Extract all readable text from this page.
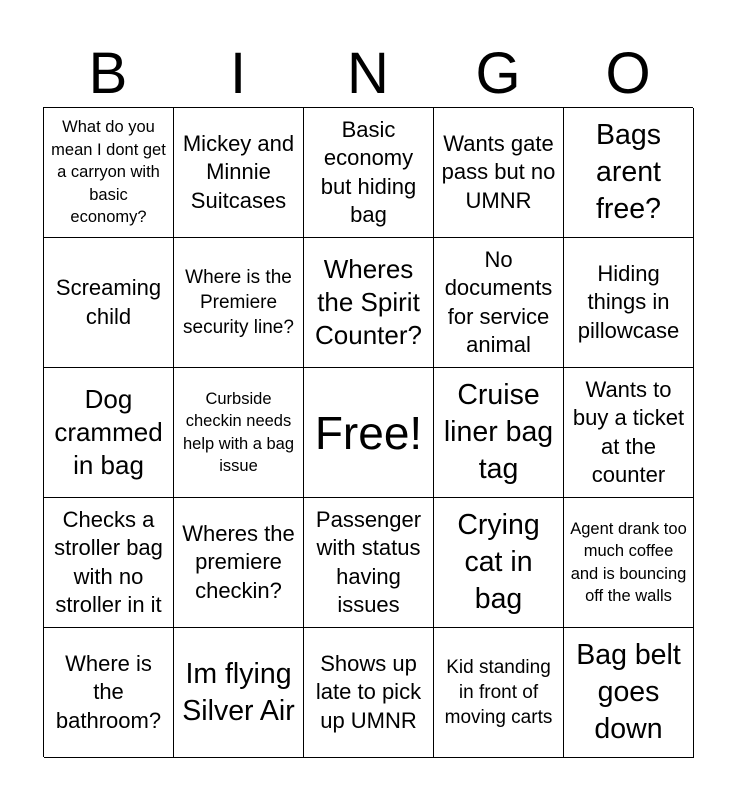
B	I	N	G	O
What do you mean I dont get a carryon with basic economy?
Mickey and Minnie Suitcases
Basic economy but hiding bag
Wants gate pass but no UMNR
Bags arent free?
Screaming child
Where is the Premiere security line?
Wheres the Spirit Counter?
No documents for service animal
Hiding things in pillowcase
Dog crammed in bag
Curbside checkin needs help with a bag issue
Free!
Cruise liner bag tag
Wants to buy a ticket at the counter
Checks a stroller bag with no stroller in it
Wheres the premiere checkin?
Passenger with status having issues
Crying cat in bag
Agent drank too much coffee and is bouncing off the walls
Where is the bathroom?
Im flying Silver Air
Shows up late to pick up UMNR
Kid standing in front of moving carts
Bag belt goes down
